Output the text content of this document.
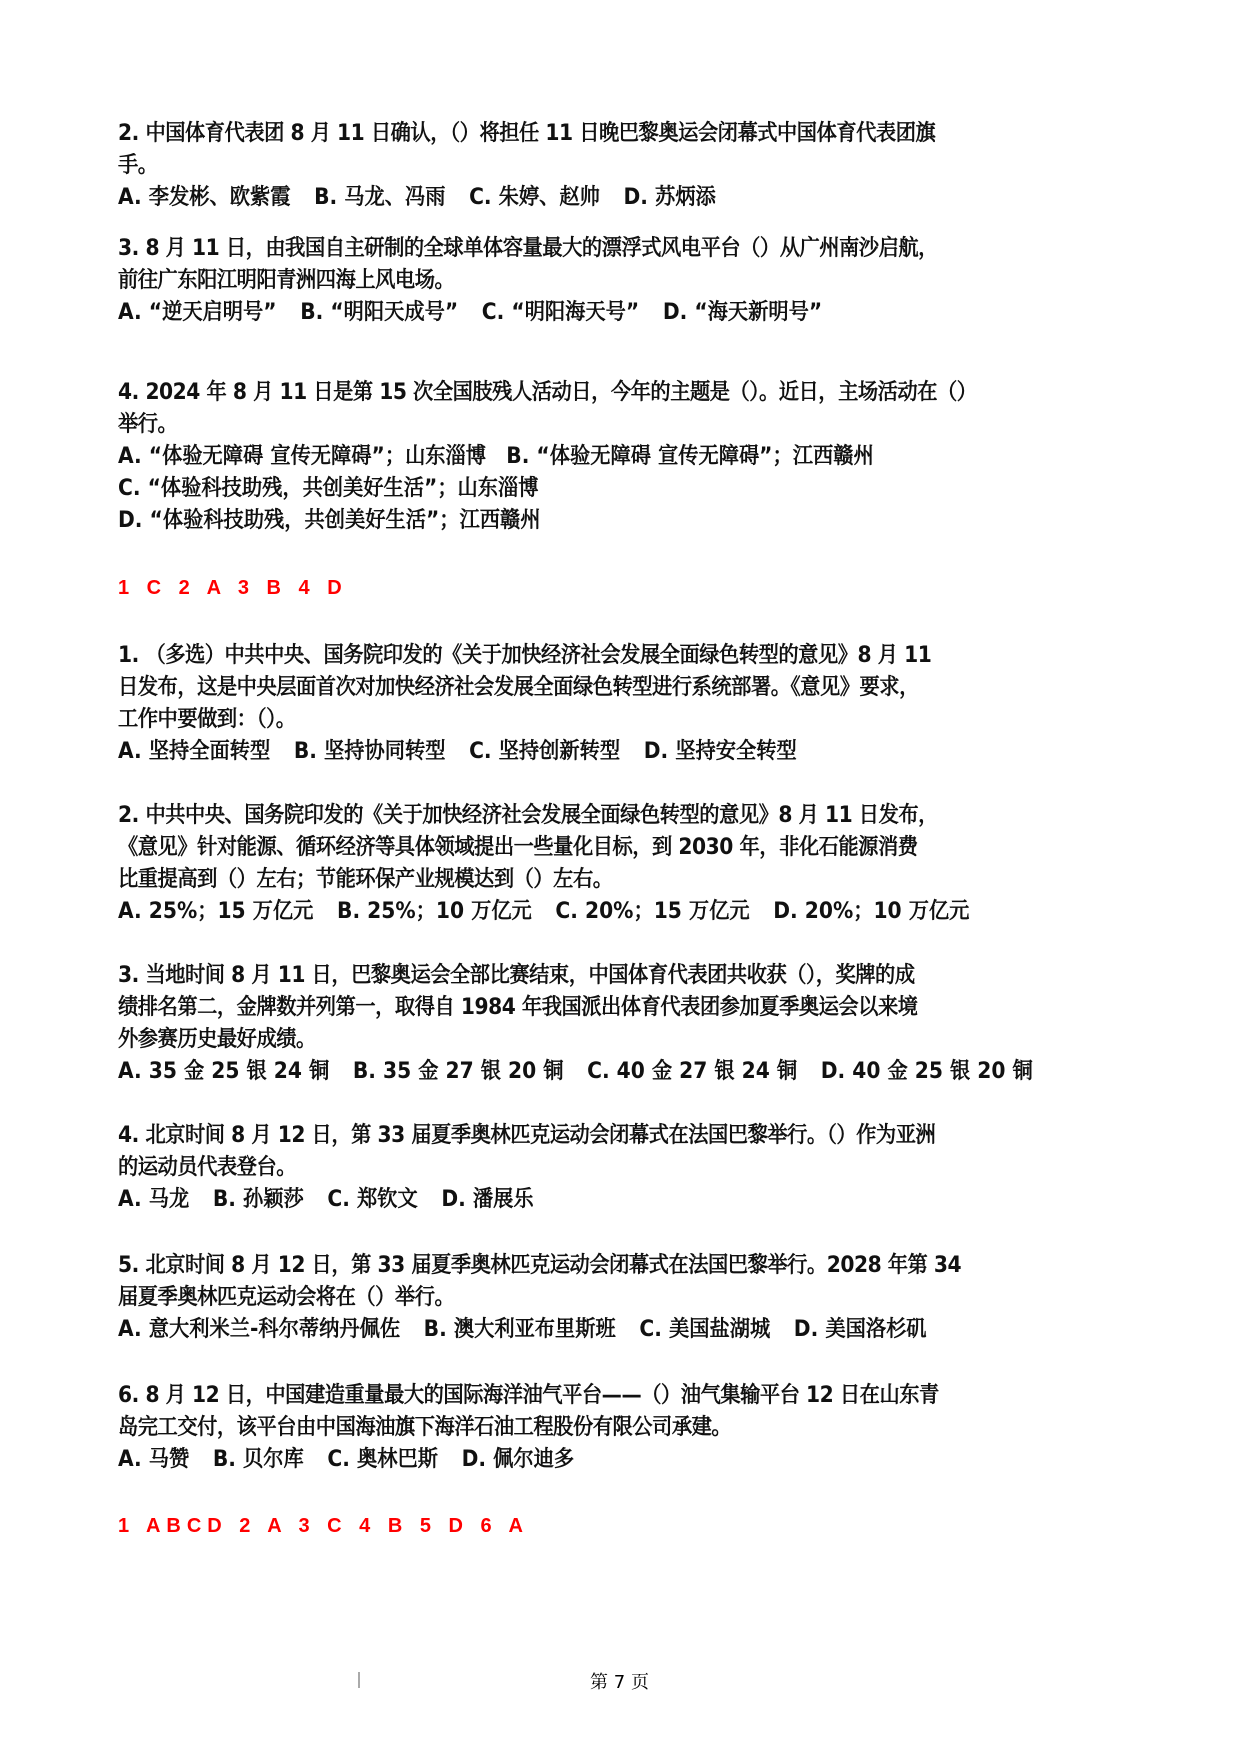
2. 中国体育代表团 8 月 11 日确认，（）将担任 11 日晚巴黎奥运会闭幕式中国体育代表团旗
手。
A. 李发彬、欧紫霞 B. 马龙、冯雨 C. 朱婷、赵帅 D. 苏炳添
3. 8 月 11 日，由我国自主研制的全球单体容量最大的漂浮式风电平台（）从广州南沙启航，
前往广东阳江明阳青洲四海上风电场。
A. “逆天启明号” B. “明阳天成号” C. “明阳海天号” D. “海天新明号”
4. 2024 年 8 月 11 日是第 15 次全国肢残人活动日，今年的主题是（）。近日，主场活动在（）
举行。
A. “体验无障碍 宣传无障碍”；山东淄博　B. “体验无障碍 宣传无障碍”；江西赣州
C. “体验科技助残，共创美好生活”；山东淄博
D. “体验科技助残，共创美好生活”；江西赣州
1 C 2 A 3 B 4 D
1. （多选）中共中央、国务院印发的《关于加快经济社会发展全面绿色转型的意见》8 月 11
日发布，这是中央层面首次对加快经济社会发展全面绿色转型进行系统部署。《意见》要求，
工作中要做到：（）。
A. 坚持全面转型 B. 坚持协同转型 C. 坚持创新转型 D. 坚持安全转型
2. 中共中央、国务院印发的《关于加快经济社会发展全面绿色转型的意见》8 月 11 日发布，
《意见》针对能源、循环经济等具体领域提出一些量化目标，到 2030 年，非化石能源消费
比重提高到（）左右；节能环保产业规模达到（）左右。
A. 25%；15 万亿元 B. 25%；10 万亿元 C. 20%；15 万亿元 D. 20%；10 万亿元
3. 当地时间 8 月 11 日，巴黎奥运会全部比赛结束，中国体育代表团共收获（），奖牌的成
绩排名第二，金牌数并列第一，取得自 1984 年我国派出体育代表团参加夏季奥运会以来境
外参赛历史最好成绩。
A. 35 金 25 银 24 铜 B. 35 金 27 银 20 铜 C. 40 金 27 银 24 铜 D. 40 金 25 银 20 铜
4. 北京时间 8 月 12 日，第 33 届夏季奥林匹克运动会闭幕式在法国巴黎举行。（）作为亚洲
的运动员代表登台。
A. 马龙 B. 孙颖莎 C. 郑钦文 D. 潘展乐
5. 北京时间 8 月 12 日，第 33 届夏季奥林匹克运动会闭幕式在法国巴黎举行。2028 年第 34
届夏季奥林匹克运动会将在（）举行。
A. 意大利米兰-科尔蒂纳丹佩佐 B. 澳大利亚布里斯班 C. 美国盐湖城 D. 美国洛杉矶
6. 8 月 12 日，中国建造重量最大的国际海洋油气平台——（）油气集输平台 12 日在山东青
岛完工交付，该平台由中国海油旗下海洋石油工程股份有限公司承建。
A. 马赞 B. 贝尔库 C. 奥林巴斯 D. 佩尔迪多
1 ABCD 2 A 3 C 4 B 5 D 6 A
第 7 页
